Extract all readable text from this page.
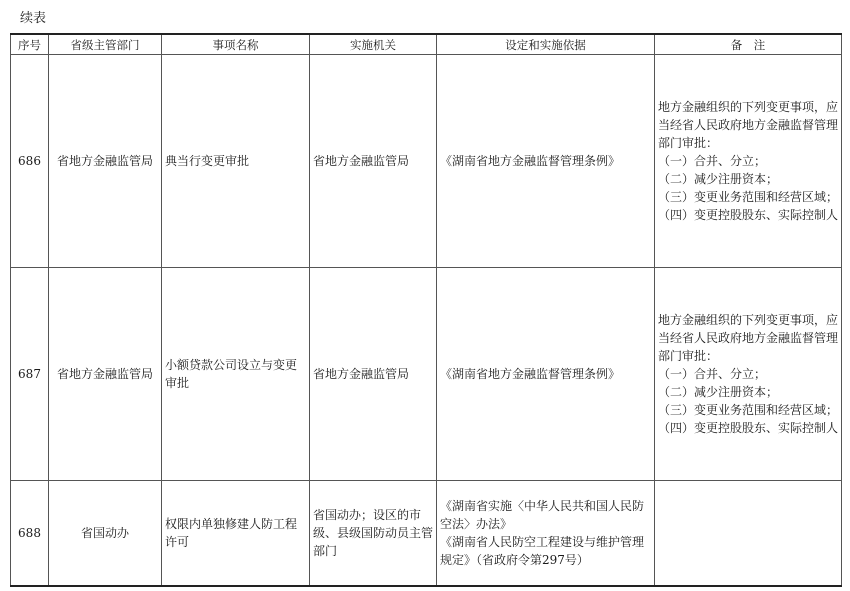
续表
序号	省级主管部门	事项名称	实施机关	设定和实施依据	备　注
686	省地方金融监管局	典当行变更审批	省地方金融监管局	《湖南省地方金融监督管理条例》	地方金融组织的下列变更事项，应当经省人民政府地方金融监督管理部门审批：
（一）合并、分立；
（二）减少注册资本；
（三）变更业务范围和经营区域；
（四）变更控股股东、实际控制人

687	省地方金融监管局	小额贷款公司设立与变更审批	省地方金融监管局	《湖南省地方金融监督管理条例》	地方金融组织的下列变更事项，应当经省人民政府地方金融监督管理部门审批：
（一）合并、分立；
（二）减少注册资本；
（三）变更业务范围和经营区域；
（四）变更控股股东、实际控制人

688	省国动办	权限内单独修建人防工程许可	省国动办；设区的市级、县级国防动员主管部门	《湖南省实施〈中华人民共和国人民防空法〉办法》
《湖南省人民防空工程建设与维护管理规定》（省政府令第297号）	
